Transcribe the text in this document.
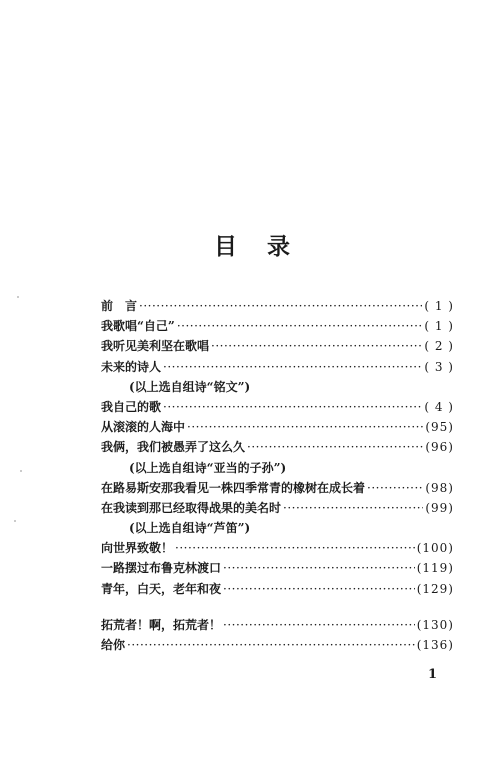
目 录
前　言 ·····	( 1 )
我歌唱“自己” ·····	( 1 )
我听见美利坚在歌唱 ·····	( 2 )
未来的诗人 ·····	( 3 )
(以上选自组诗“铭文”)
我自己的歌 ·····	( 4 )
从滚滚的人海中 ·····	(95)
我俩，我们被愚弄了这么久 ·····	(96)
(以上选自组诗“亚当的子孙”)
在路易斯安那我看见一株四季常青的橡树在成长着 ·····	(98)
在我读到那已经取得战果的美名时 ·····	(99)
(以上选自组诗“芦笛”)
向世界致敬！ ·····	(100)
一路摆过布鲁克林渡口 ·····	(119)
青年，白天，老年和夜 ·····	(129)
拓荒者！啊，拓荒者！ ·····	(130)
给你 ·····	(136)
1
